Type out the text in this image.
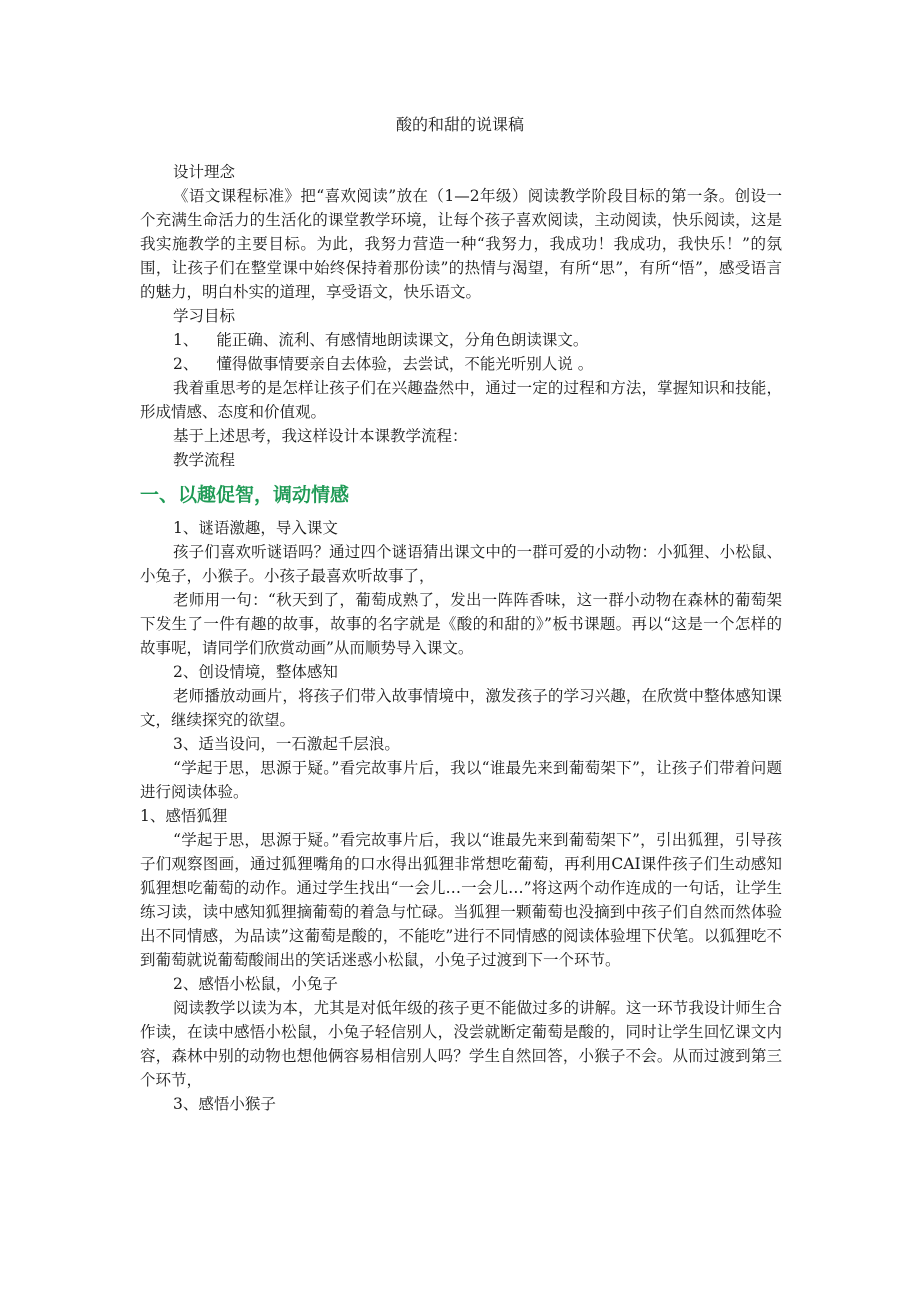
酸的和甜的说课稿

设计理念

《语文课程标准》把“喜欢阅读”放在（1—2年级）阅读教学阶段目标的第一条。创设一个充满生命活力的生活化的课堂教学环境，让每个孩子喜欢阅读，主动阅读，快乐阅读，这是我实施教学的主要目标。为此，我努力营造一种“我努力，我成功！我成功，我快乐！”的氛围，让孩子们在整堂课中始终保持着那份读”的热情与渴望，有所“思”，有所“悟”，感受语言的魅力，明白朴实的道理，享受语文，快乐语文。

学习目标

1、 能正确、流利、有感情地朗读课文，分角色朗读课文。

2、 懂得做事情要亲自去体验，去尝试，不能光听别人说 。

我着重思考的是怎样让孩子们在兴趣盎然中，通过一定的过程和方法，掌握知识和技能，形成情感、态度和价值观。

基于上述思考，我这样设计本课教学流程：

教学流程

一、以趣促智，调动情感

1、谜语激趣，导入课文

孩子们喜欢听谜语吗？通过四个谜语猜出课文中的一群可爱的小动物：小狐狸、小松鼠、小兔子，小猴子。小孩子最喜欢听故事了，

老师用一句：“秋天到了，葡萄成熟了，发出一阵阵香味，这一群小动物在森林的葡萄架下发生了一件有趣的故事，故事的名字就是《酸的和甜的》”板书课题。再以“这是一个怎样的故事呢，请同学们欣赏动画”从而顺势导入课文。

2、创设情境，整体感知

老师播放动画片，将孩子们带入故事情境中，激发孩子的学习兴趣，在欣赏中整体感知课文，继续探究的欲望。

3、适当设问，一石激起千层浪。

“学起于思，思源于疑。”看完故事片后，我以“谁最先来到葡萄架下”，让孩子们带着问题进行阅读体验。

1、感悟狐狸

“学起于思，思源于疑。”看完故事片后，我以“谁最先来到葡萄架下”，引出狐狸，引导孩子们观察图画，通过狐狸嘴角的口水得出狐狸非常想吃葡萄，再利用CAI课件孩子们生动感知狐狸想吃葡萄的动作。通过学生找出“一会儿…一会儿…”将这两个动作连成的一句话，让学生练习读，读中感知狐狸摘葡萄的着急与忙碌。当狐狸一颗葡萄也没摘到中孩子们自然而然体验出不同情感，为品读”这葡萄是酸的，不能吃”进行不同情感的阅读体验埋下伏笔。以狐狸吃不到葡萄就说葡萄酸闹出的笑话迷惑小松鼠，小兔子过渡到下一个环节。

2、感悟小松鼠，小兔子

阅读教学以读为本，尤其是对低年级的孩子更不能做过多的讲解。这一环节我设计师生合作读，在读中感悟小松鼠，小兔子轻信别人，没尝就断定葡萄是酸的，同时让学生回忆课文内容，森林中别的动物也想他俩容易相信别人吗？学生自然回答，小猴子不会。从而过渡到第三个环节，

3、感悟小猴子
